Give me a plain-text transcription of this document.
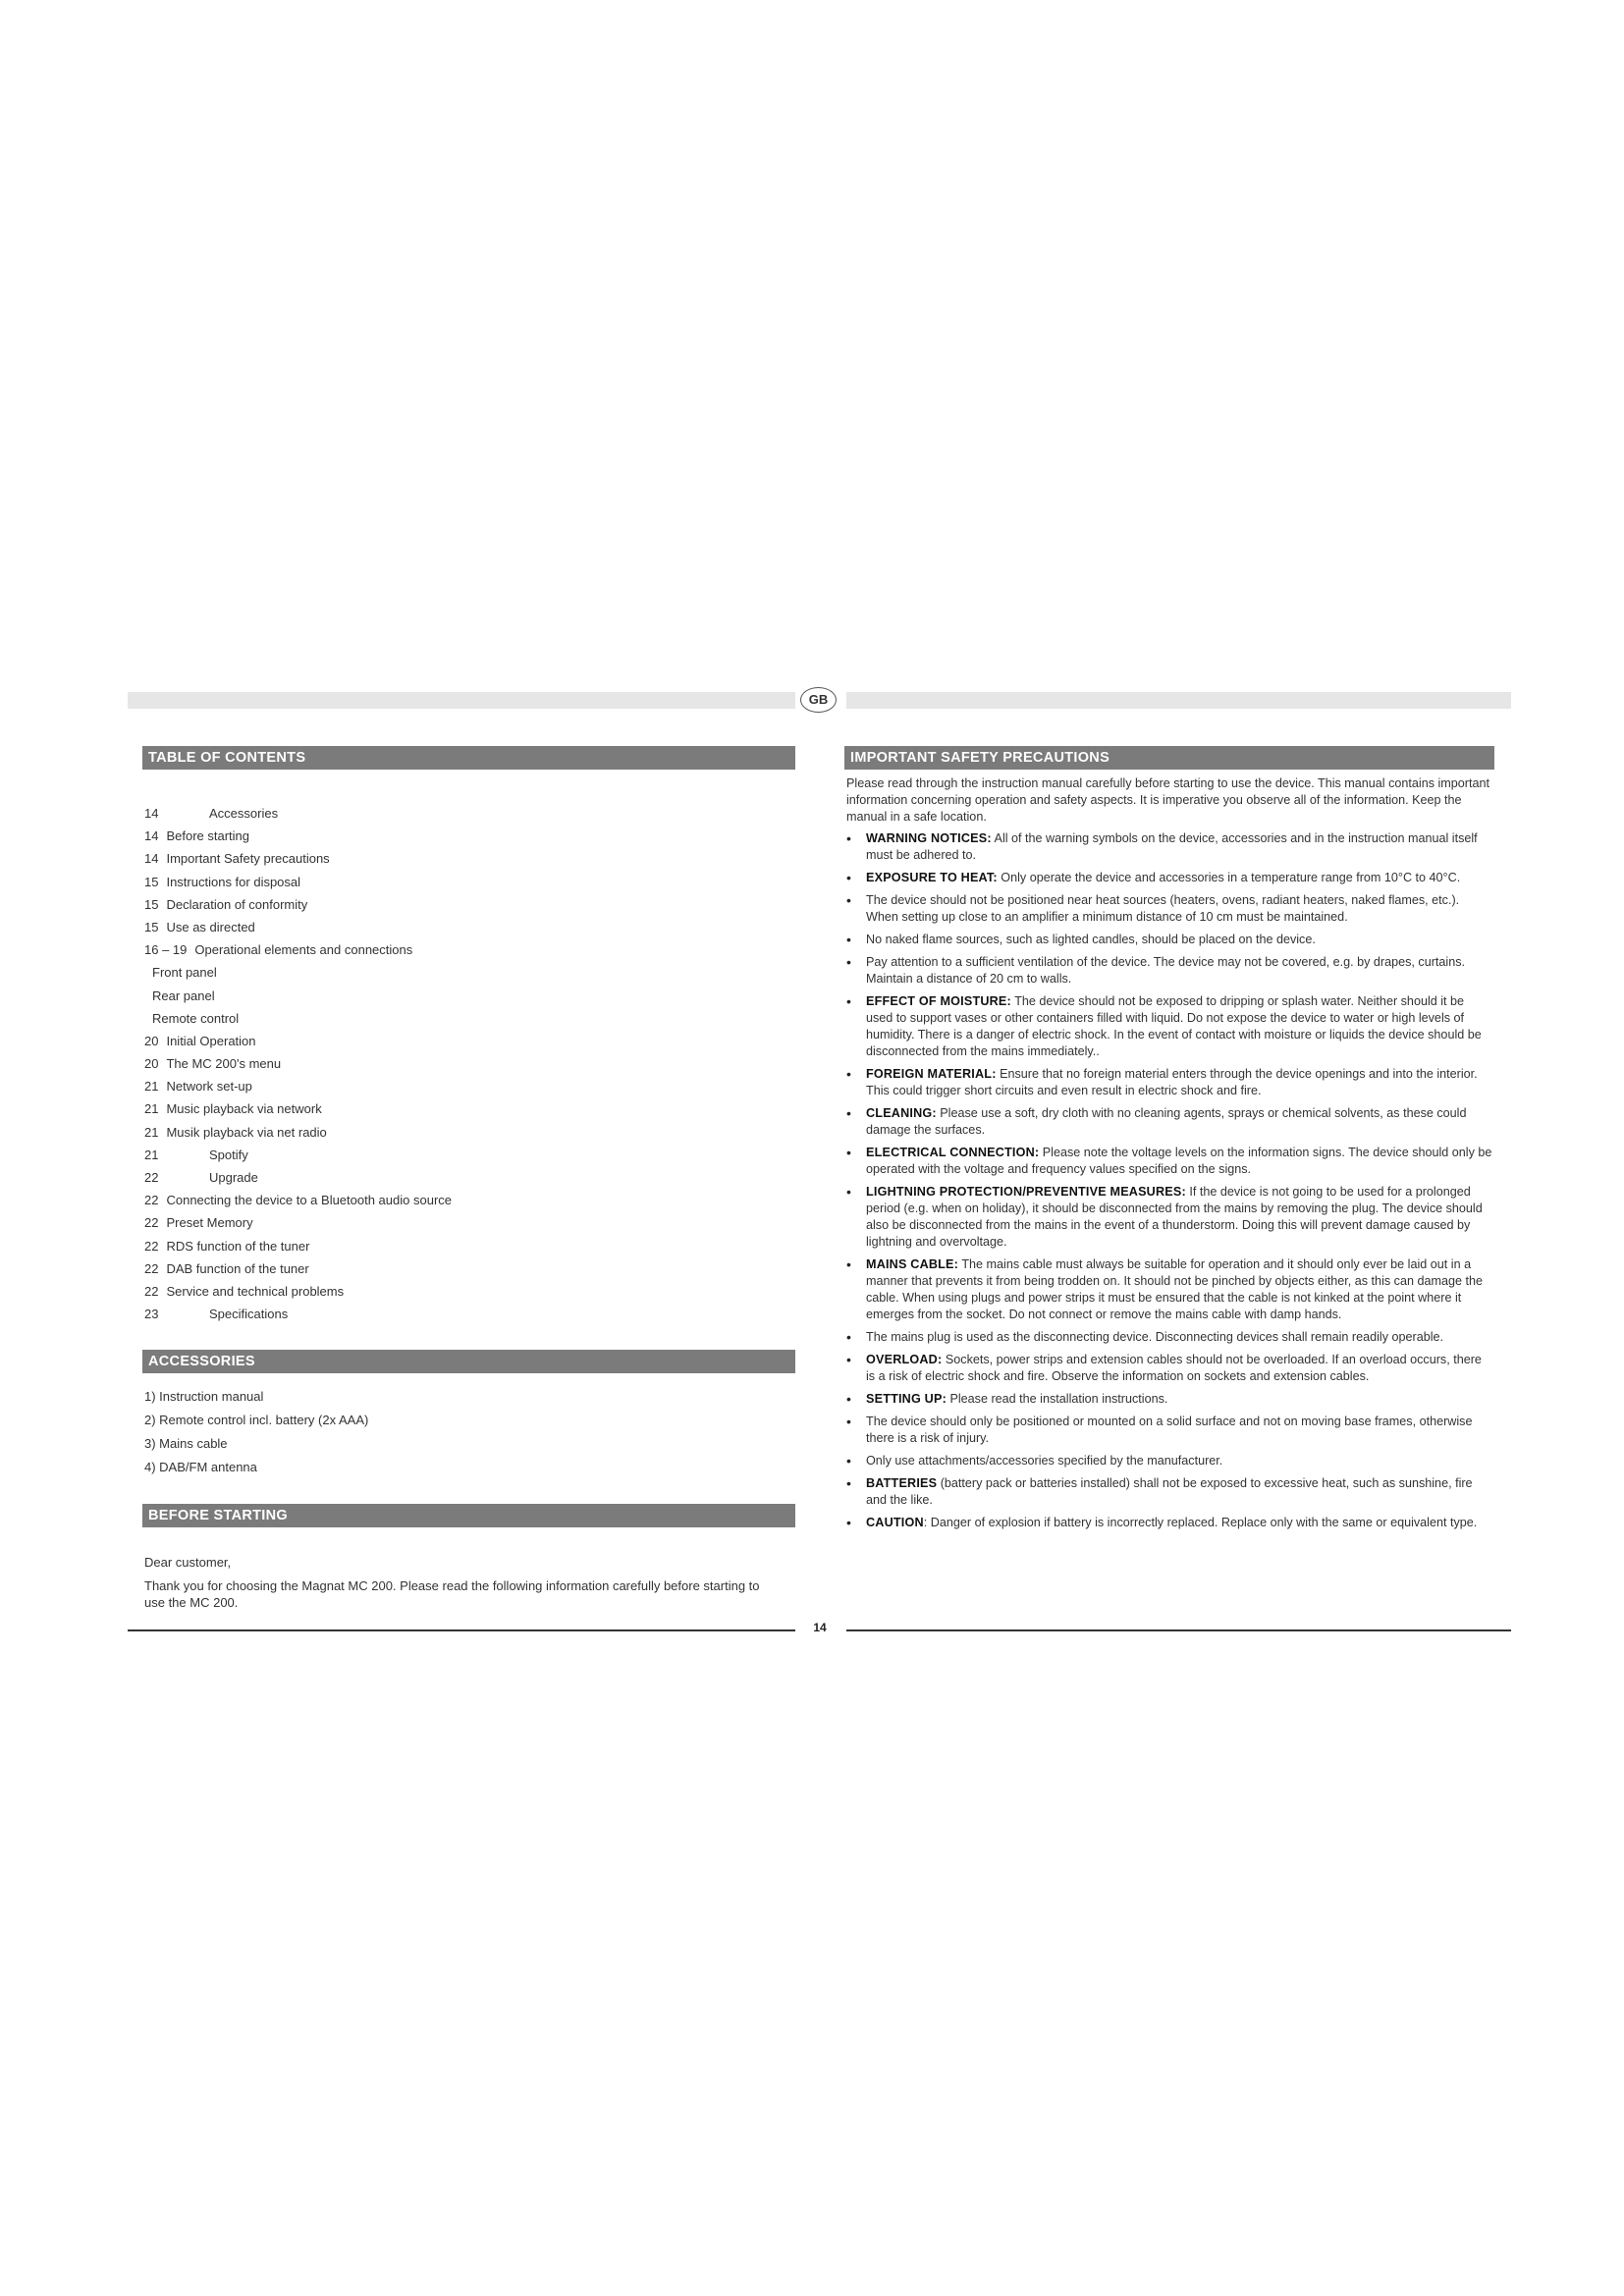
GB
TABLE OF CONTENTS
14	Accessories
14 Before starting
14 Important Safety precautions
15 Instructions for disposal
15 Declaration of conformity
15 Use as directed
16 – 19 Operational elements and connections
Front panel
Rear panel
Remote control
20 Initial Operation
20 The MC 200's menu
21 Network set-up
21 Music playback via network
21 Musik playback via net radio
21	Spotify
22	Upgrade
22 Connecting the device to a Bluetooth audio source
22 Preset Memory
22 RDS function of the tuner
22 DAB function of the tuner
22 Service and technical problems
23	Specifications
ACCESSORIES
1) Instruction manual
2) Remote control incl. battery (2x AAA)
3) Mains cable
4) DAB/FM antenna
BEFORE STARTING
Dear customer,
Thank you for choosing the Magnat MC 200. Please read the following information carefully before starting to use the MC 200.
IMPORTANT SAFETY PRECAUTIONS
Please read through the instruction manual carefully before starting to use the device. This manual contains important information concerning operation and safety aspects. It is imperative you observe all of the information. Keep the manual in a safe location.
• WARNING NOTICES: All of the warning symbols on the device, accessories and in the instruction manual itself must be adhered to.
• EXPOSURE TO HEAT: Only operate the device and accessories in a temperature range from 10°C to 40°C.
• The device should not be positioned near heat sources (heaters, ovens, radiant heaters, naked flames, etc.). When setting up close to an amplifier a minimum distance of 10 cm must be maintained.
• No naked flame sources, such as lighted candles, should be placed on the device.
• Pay attention to a sufficient ventilation of the device. The device may not be covered, e.g. by drapes, curtains. Maintain a distance of 20 cm to walls.
• EFFECT OF MOISTURE: The device should not be exposed to dripping or splash water. Neither should it be used to support vases or other containers filled with liquid. Do not expose the device to water or high levels of humidity. There is a danger of electric shock. In the event of contact with moisture or liquids the device should be disconnected from the mains immediately..
• FOREIGN MATERIAL: Ensure that no foreign material enters through the device openings and into the interior. This could trigger short circuits and even result in electric shock and fire.
• CLEANING: Please use a soft, dry cloth with no cleaning agents, sprays or chemical solvents, as these could damage the surfaces.
• ELECTRICAL CONNECTION: Please note the voltage levels on the information signs. The device should only be operated with the voltage and frequency values specified on the signs.
• LIGHTNING PROTECTION/PREVENTIVE MEASURES: If the device is not going to be used for a prolonged period (e.g. when on holiday), it should be disconnected from the mains by removing the plug. The device should also be disconnected from the mains in the event of a thunderstorm. Doing this will prevent damage caused by lightning and overvoltage.
• MAINS CABLE: The mains cable must always be suitable for operation and it should only ever be laid out in a manner that prevents it from being trodden on. It should not be pinched by objects either, as this can damage the cable. When using plugs and power strips it must be ensured that the cable is not kinked at the point where it emerges from the socket. Do not connect or remove the mains cable with damp hands.
• The mains plug is used as the disconnecting device. Disconnecting devices shall remain readily operable.
• OVERLOAD: Sockets, power strips and extension cables should not be overloaded. If an overload occurs, there is a risk of electric shock and fire. Observe the information on sockets and extension cables.
• SETTING UP: Please read the installation instructions.
• The device should only be positioned or mounted on a solid surface and not on moving base frames, otherwise there is a risk of injury.
• Only use attachments/accessories specified by the manufacturer.
• BATTERIES (battery pack or batteries installed) shall not be exposed to excessive heat, such as sunshine, fire and the like.
• CAUTION: Danger of explosion if battery is incorrectly replaced. Replace only with the same or equivalent type.
14
